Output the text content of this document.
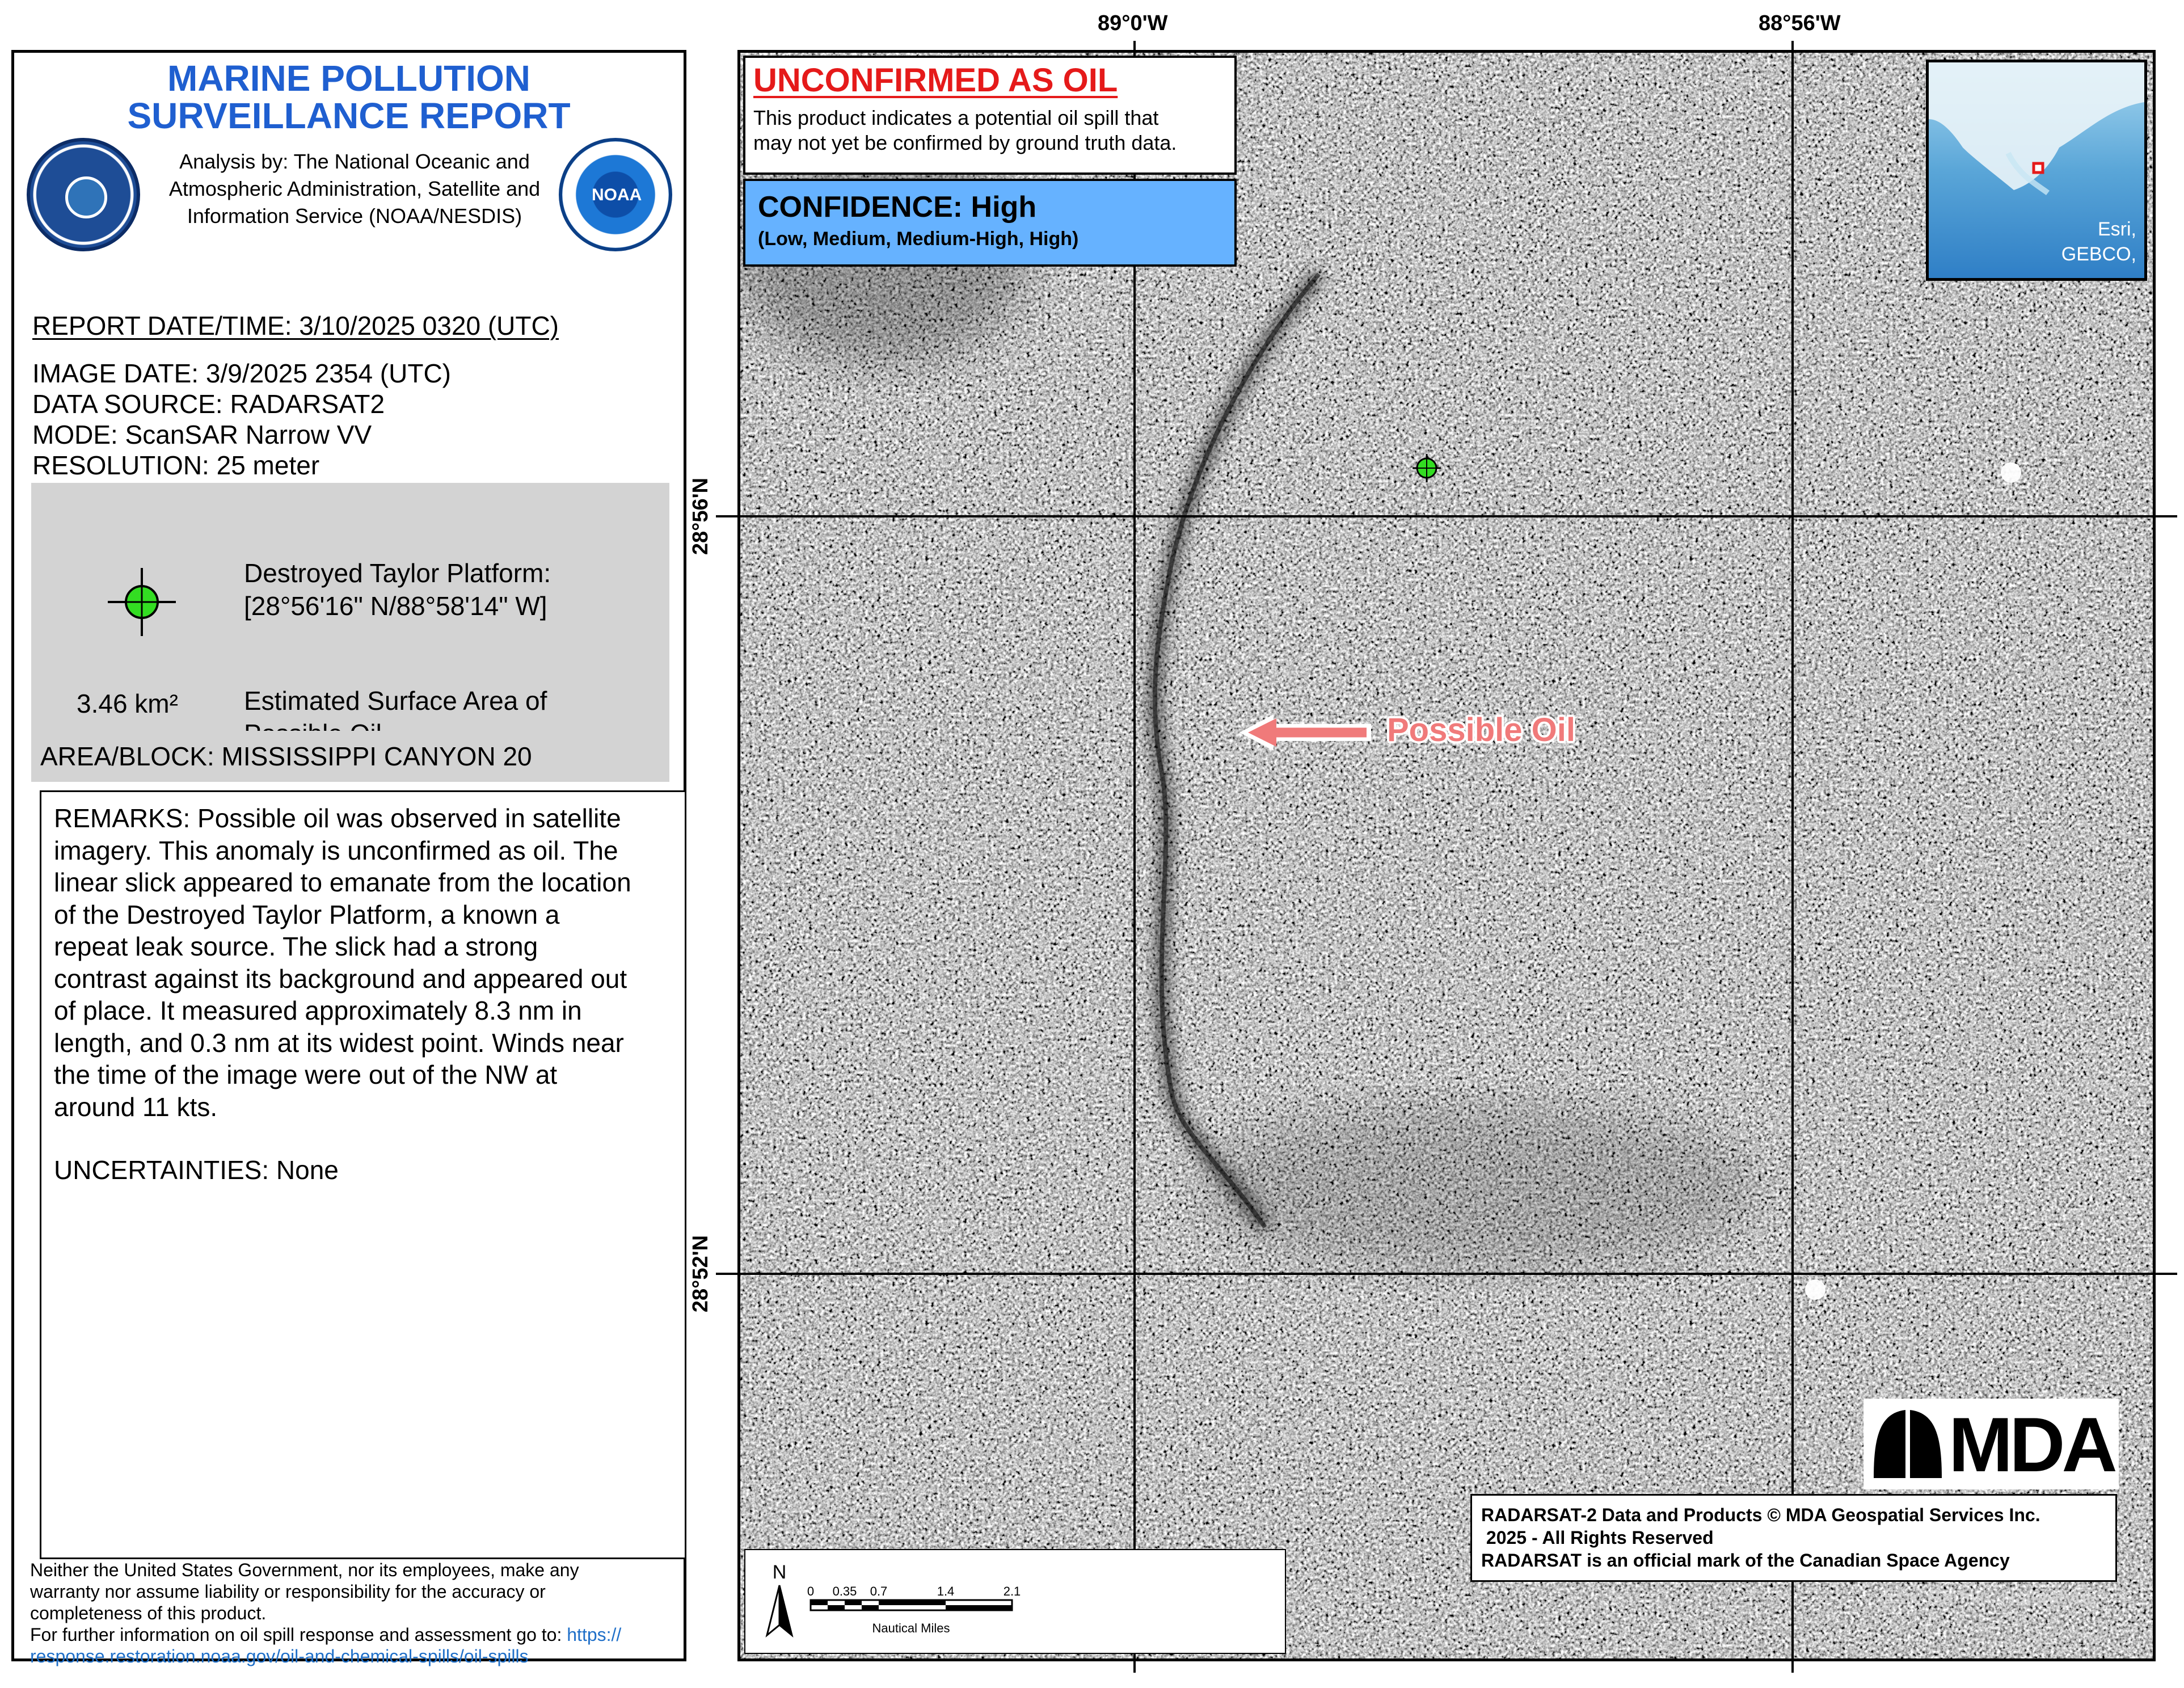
MARINE POLLUTION
SURVEILLANCE REPORT
Analysis by: The National Oceanic and
Atmospheric Administration, Satellite and
Information Service (NOAA/NESDIS)
NOAA
REPORT DATE/TIME: 3/10/2025 0320 (UTC)
IMAGE DATE: 3/9/2025 2354 (UTC)
DATA SOURCE: RADARSAT2
MODE: ScanSAR Narrow VV
RESOLUTION: 25 meter
Destroyed Taylor Platform:
[28°56'16" N/88°58'14" W]
3.46 km²	Estimated Surface Area of
AREA/BLOCK: MISSISSIPPI CANYON 20
REMARKS: Possible oil was observed in satellite
imagery. This anomaly is unconfirmed as oil. The
linear slick appeared to emanate from the location
of the Destroyed Taylor Platform, a known a
repeat leak source. The slick had a strong
contrast against its background and appeared out
of place. It measured approximately 8.3 nm in
length, and 0.3 nm at its widest point. Winds near
the time of the image were out of the NW at
around 11 kts.
UNCERTAINTIES: None
Neither the United States Government, nor its employees, make any
warranty nor assume liability or responsibility for the accuracy or
completeness of this product.
For further information on oil spill response and assessment go to: https://
response.restoration.noaa.gov/oil-and-chemical-spills/oil-spills
89°0'W	88°56'W
28°56'N
28°52'N
UNCONFIRMED AS OIL
This product indicates a potential oil spill that
may not yet be confirmed by ground truth data.
CONFIDENCE: High
(Low, Medium, Medium-High, High)	Esri,
GEBCO,
Possible Oil
MDA
RADARSAT-2 Data and Products © MDA Geospatial Services Inc.
2025 - All Rights Reserved
RADARSAT is an official mark of the Canadian Space Agency
Esri, Garmin, NaturalVue
N
0 0.35 0.7	1.4	2.1
Nautical Miles
